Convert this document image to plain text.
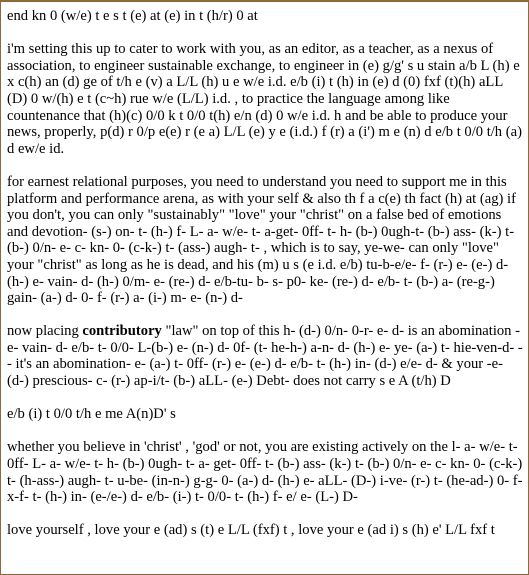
end kn 0 (w/e) t e s t (e) at (e) in t (h/r) 0 at

i'm setting this up to cater to work with you, as an editor, as a teacher, as a nexus of association, to engineer sustainable exchange, to engineer in (e) g/g' s u stain a/b L (h) e x c(h) an (d) ge of t/h e (v) a L/L (h) u e w/e i.d. e/b (i) t (h) in (e) d (0) fxf (t)(h) aLL (D) 0 w/(h) e t (c~h) rue w/e (L/L) i.d. , to practice the language among like countenance that (h)(c) 0/0 k t 0/0 t(h) e/n (d) 0 w/e i.d. h and be able to produce your news, properly, p(d) r 0/p e(e) r (e a) L/L (e) y e (i.d.) f (r) a (i') m e (n) d e/b t 0/0 t/h (a) d ew/e id.

for earnest relational purposes, you need to understand you need to support me in this platform and performance arena, as with your self & also th f a c(e) th fact (h) at (ag) if you don't, you can only "sustainably" "love" your "christ" on a false bed of emotions and devotion- (s-) on- t- (h-) f- L- a- w/e- t- a-get- 0ff- t- h- (b-) 0ugh-t- (b-) ass- (k-) t- (b-) 0/n- e- c- kn- 0- (c-k-) t- (ass-) augh- t- , which is to say, ye-we- can only "love" your "christ" as long as he is dead, and his (m) u s (e i.d. e/b) tu-b-e/e- f- (r-) e- (e-) d- (h-) e- vain- d- (h-) 0/m- e- (re-) d- e/b-tu- b- s- p0- ke- (re-) d- e/b- t- (b-) a- (re-g-) gain- (a-) d- 0- f- (r-) a- (i-) m- e- (n-) d-

now placing contributory "law" on top of this h- (d-) 0/n- 0-r- e- d- is an abomination -e- vain- d- e/b- t- 0/0- L-(b-) e- (n-) d- 0f- (t- he-h-) a-n- d- (h-) e- ye- (a-) t- hie-ven-d- - - it's an abomination- e- (a-) t- 0ff- (r-) e- (e-) d- e/b- t- (h-) in- (d-) e/e- d- & your -e- (d-) prescious- c- (r-) ap-i/t- (b-) aLL- (e-) Debt- does not carry s e A (t/h) D

e/b (i) t 0/0 t/h e me A(n)D' s

whether you believe in 'christ' , 'god' or not, you are existing actively on the l- a- w/e- t- 0ff- L- a- w/e- t- h- (b-) 0ugh- t- a- get- 0ff- t- (b-) ass- (k-) t- (b-) 0/n- e- c- kn- 0- (c-k-) t- (h-ass-) augh- t- u-be- (in-n-) g-g- 0- (a-) d- (h-) e- aLL- (D-) i-ve- (r-) t- (he-ad-) 0- f-x-f- t- (h-) in- (e-/e-) d- e/b- (i-) t- 0/0- t- (h-) f- e/ e- (L-) D-

love yourself , love your e (ad) s (t) e L/L (fxf) t , love your e (ad i) s (h) e' L/L fxf t
